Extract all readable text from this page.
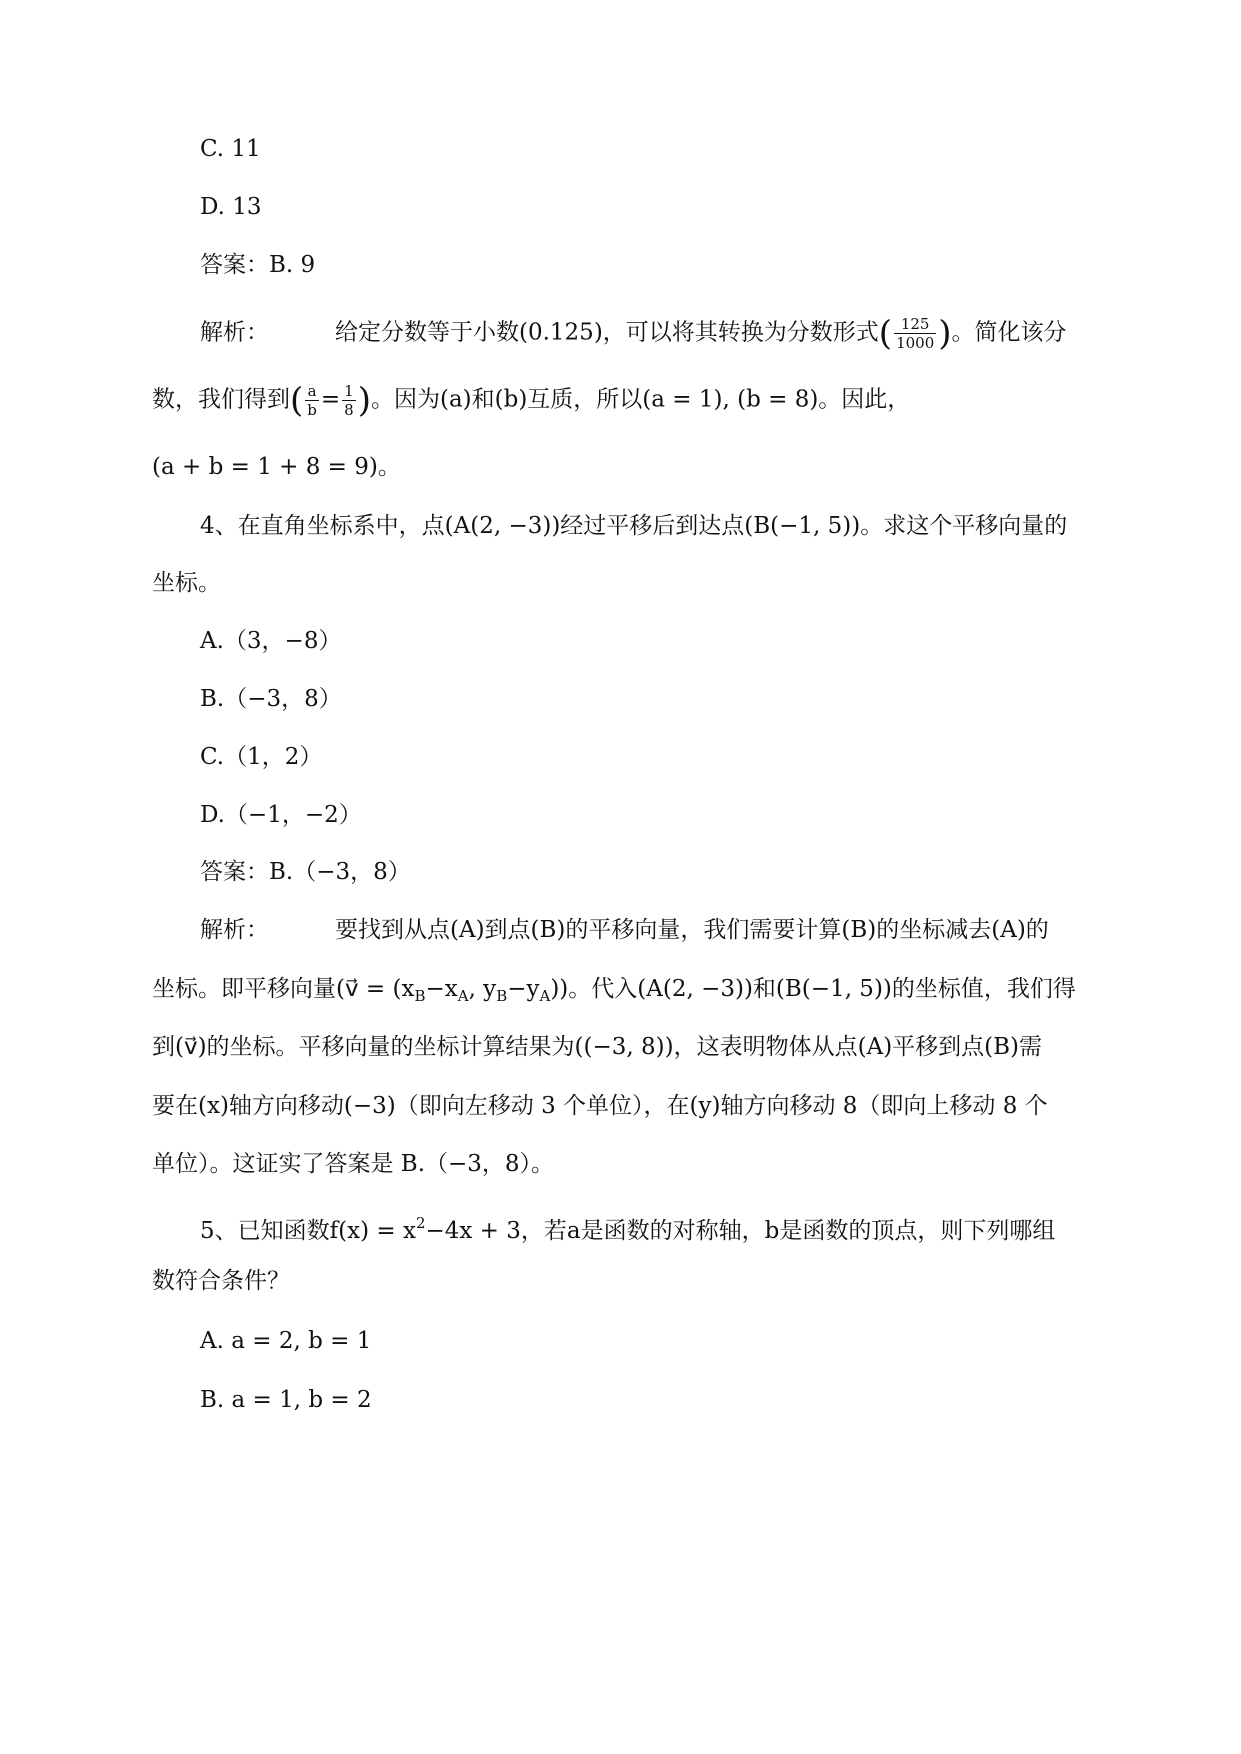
C. 11
D. 13
答案：B. 9
解析：	给定分数等于小数(0.125)，可以将其转换为分数形式( $\frac{125}{1000}$ )。简化该分
数，我们得到( $\frac{a}{b} = \frac{1}{8}$ )。因为(a)和(b)互质，所以(a = 1), (b = 8)。因此，
(a + b = 1 + 8 = 9)。
4、在直角坐标系中，点(A(2, −3))经过平移后到达点(B(−1, 5))。求这个平移向量的
坐标。
A.（3，−8）
B.（−3，8）
C.（1，2）
D.（−1，−2）
答案：B.（−3，8）
解析：	要找到从点(A)到点(B)的平移向量，我们需要计算(B)的坐标减去(A)的
坐标。即平移向量(v⃗ = ($x_B-x_A$, $y_B-y_A$))。代入(A(2, −3))和(B(−1, 5))的坐标值，我们得
到(v⃗)的坐标。平移向量的坐标计算结果为((−3, 8))，这表明物体从点(A)平移到点(B)需
要在(x)轴方向移动(−3)（即向左移动 3 个单位），在(y)轴方向移动 8（即向上移动 8 个
单位）。这证实了答案是 B.（−3，8）。
5、已知函数$f(x) = x^2-4x + 3$，若a是函数的对称轴，b是函数的顶点，则下列哪组
数符合条件？
A. a = 2, b = 1
B. a = 1, b = 2
